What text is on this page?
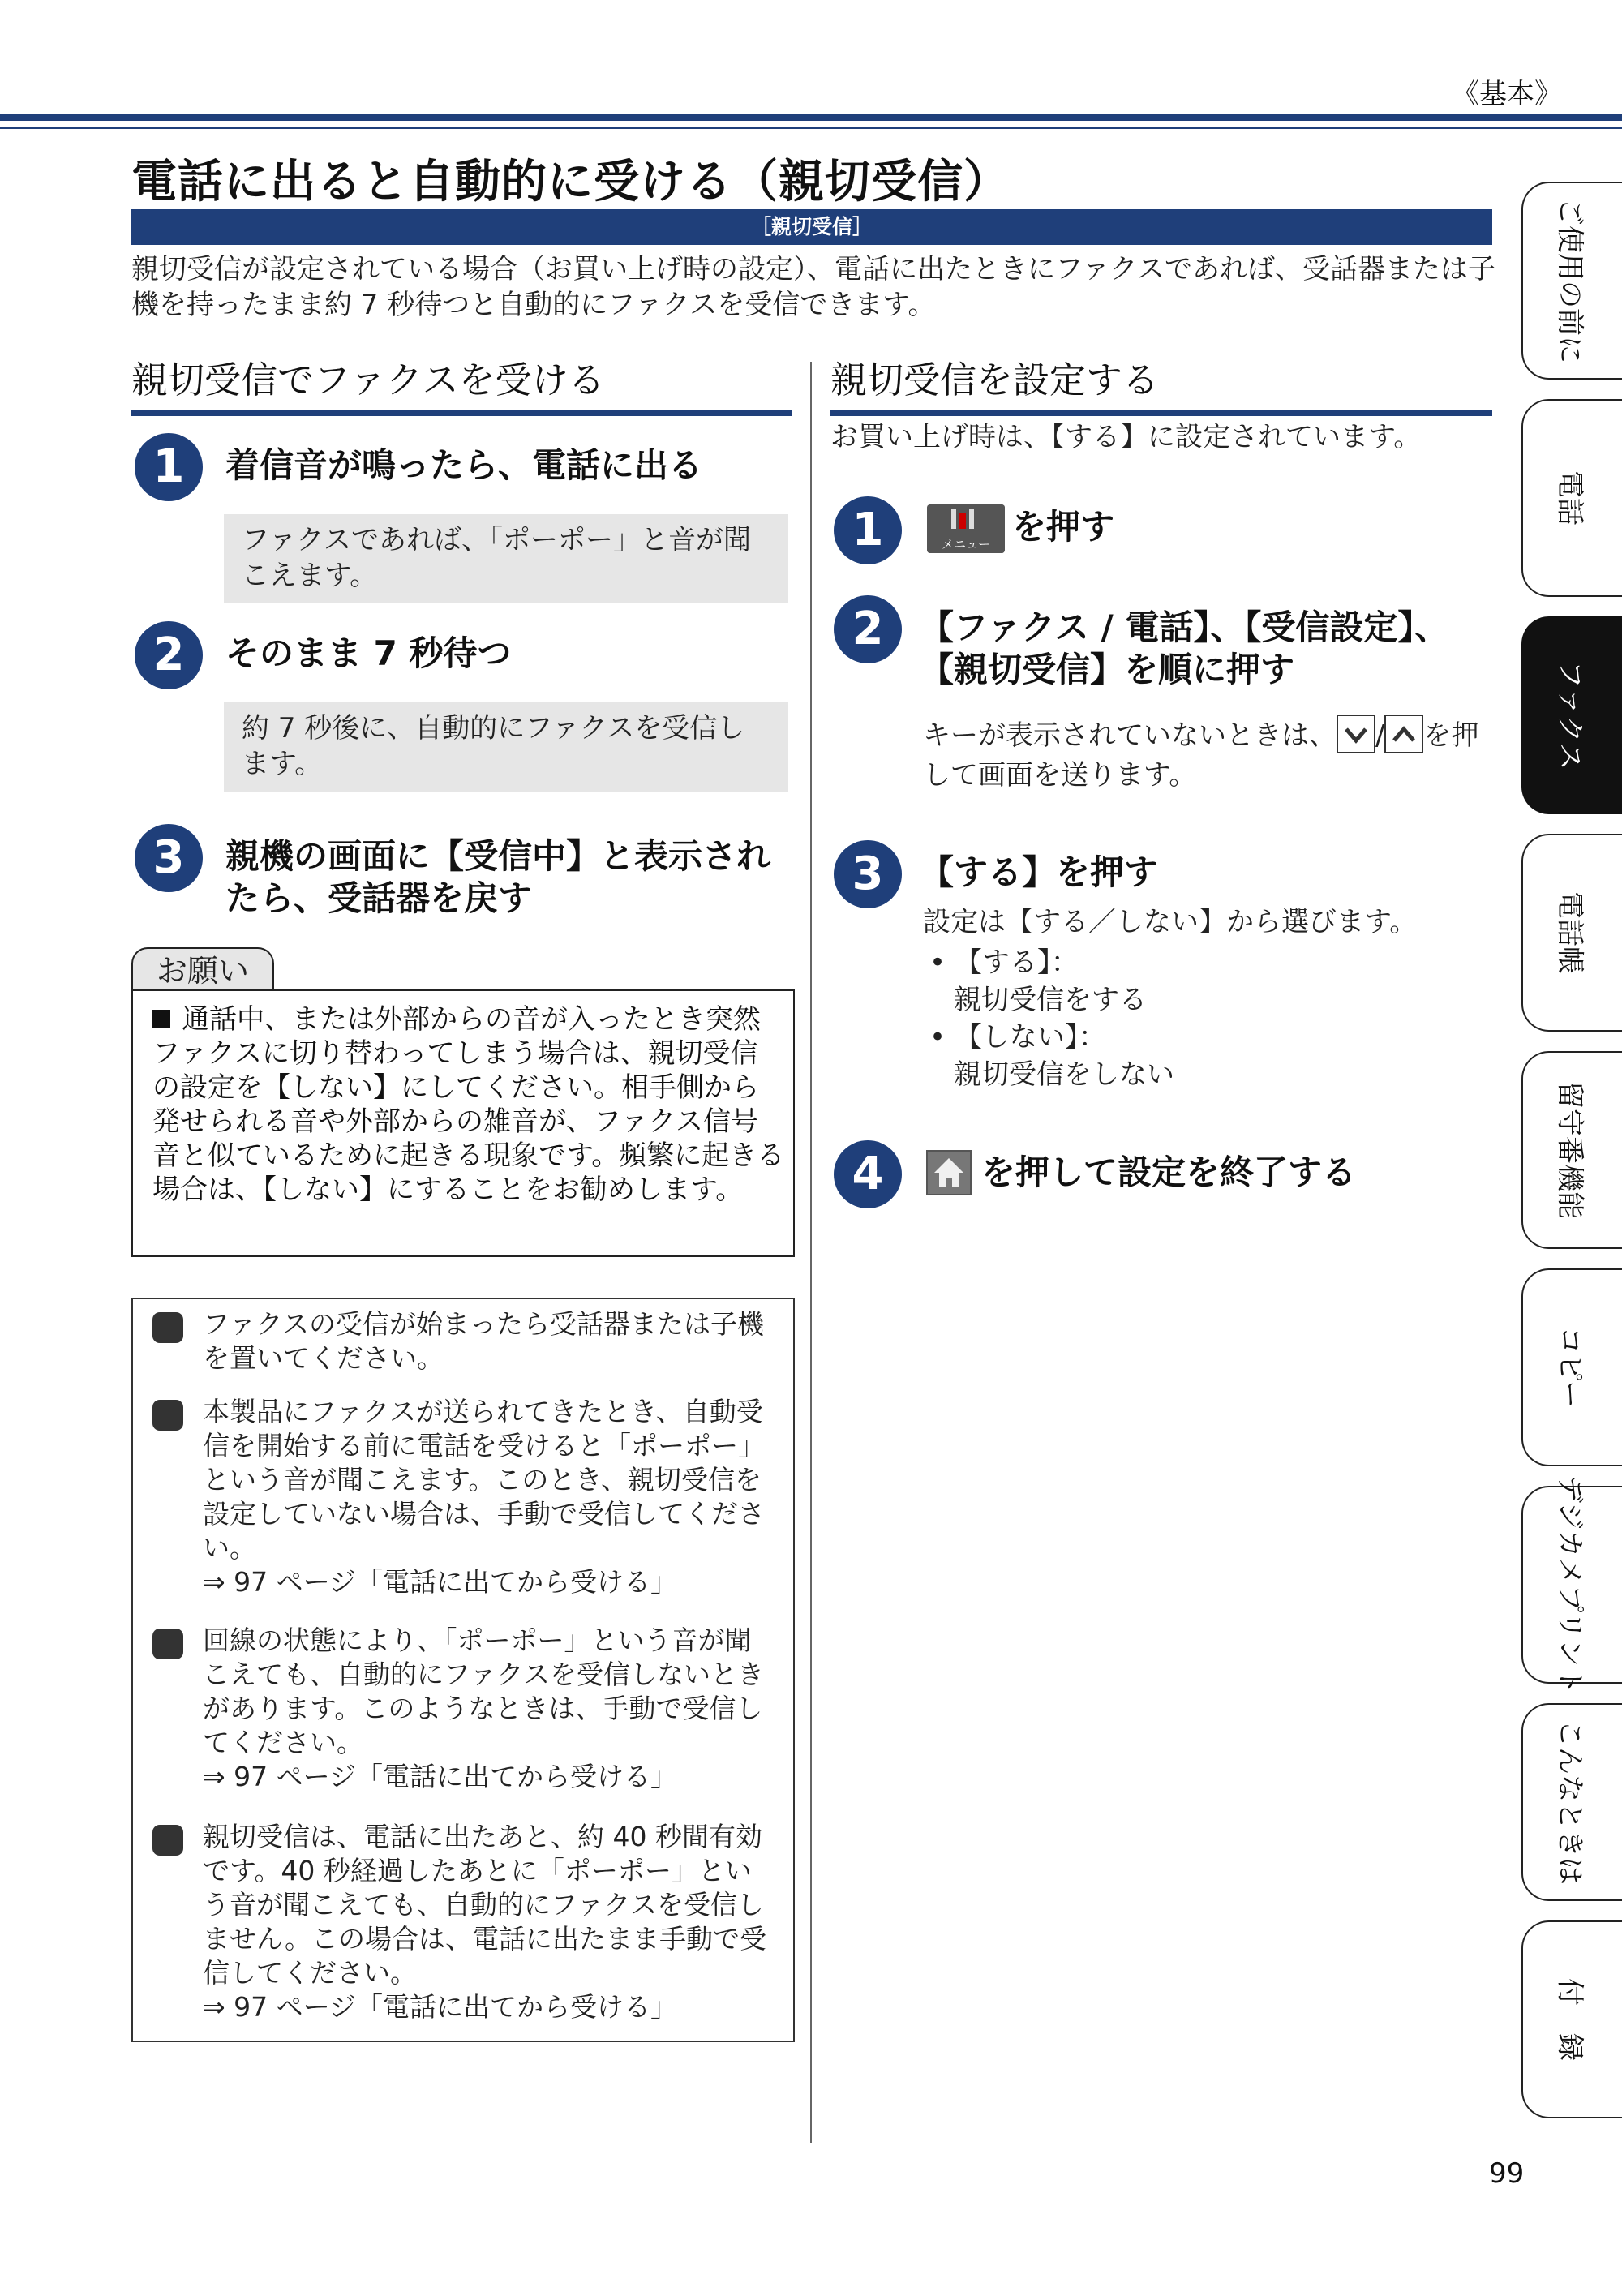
《基本》
電話に出ると自動的に受ける（親切受信）
［親切受信］
親切受信が設定されている場合（お買い上げ時の設定）、電話に出たときにファクスであれば、受話器または子機を持ったまま約 7 秒待つと自動的にファクスを受信できます。
親切受信でファクスを受ける
1	着信音が鳴ったら、電話に出る
ファクスであれば、「ポーポー」と音が聞こえます。
2	そのまま 7 秒待つ
約 7 秒後に、自動的にファクスを受信します。
3	親機の画面に【受信中】と表示されたら、受話器を戻す
お願い
通話中、または外部からの音が入ったとき突然ファクスに切り替わってしまう場合は、親切受信の設定を【しない】にしてください。相手側から発せられる音や外部からの雑音が、ファクス信号音と似ているために起きる現象です。頻繁に起きる場合は、【しない】にすることをお勧めします。
ファクスの受信が始まったら受話器または子機を置いてください。
本製品にファクスが送られてきたとき、自動受信を開始する前に電話を受けると「ポーポー」という音が聞こえます。このとき、親切受信を設定していない場合は、手動で受信してください。
⇒ 97 ページ「電話に出てから受ける」
回線の状態により、「ポーポー」という音が聞こえても、自動的にファクスを受信しないときがあります。このようなときは、手動で受信してください。
⇒ 97 ページ「電話に出てから受ける」
親切受信は、電話に出たあと、約 40 秒間有効です。40 秒経過したあとに「ポーポー」という音が聞こえても、自動的にファクスを受信しません。この場合は、電話に出たまま手動で受信してください。
⇒ 97 ページ「電話に出てから受ける」
親切受信を設定する
お買い上げ時は、【する】に設定されています。
1	メニュー を押す
2	【ファクス / 電話】、【受信設定】、【親切受信】を順に押す
キーが表示されていないときは、 / を押して画面を送ります。
3	【する】を押す
設定は【する／しない】から選びます。
• 【する】：
親切受信をする
• 【しない】：
親切受信をしない
4	を押して設定を終了する
ご使用の前に
電話
ファクス
電話帳
留守番機能
コピー
デジカメプリント
こんなときは
付　録
99
